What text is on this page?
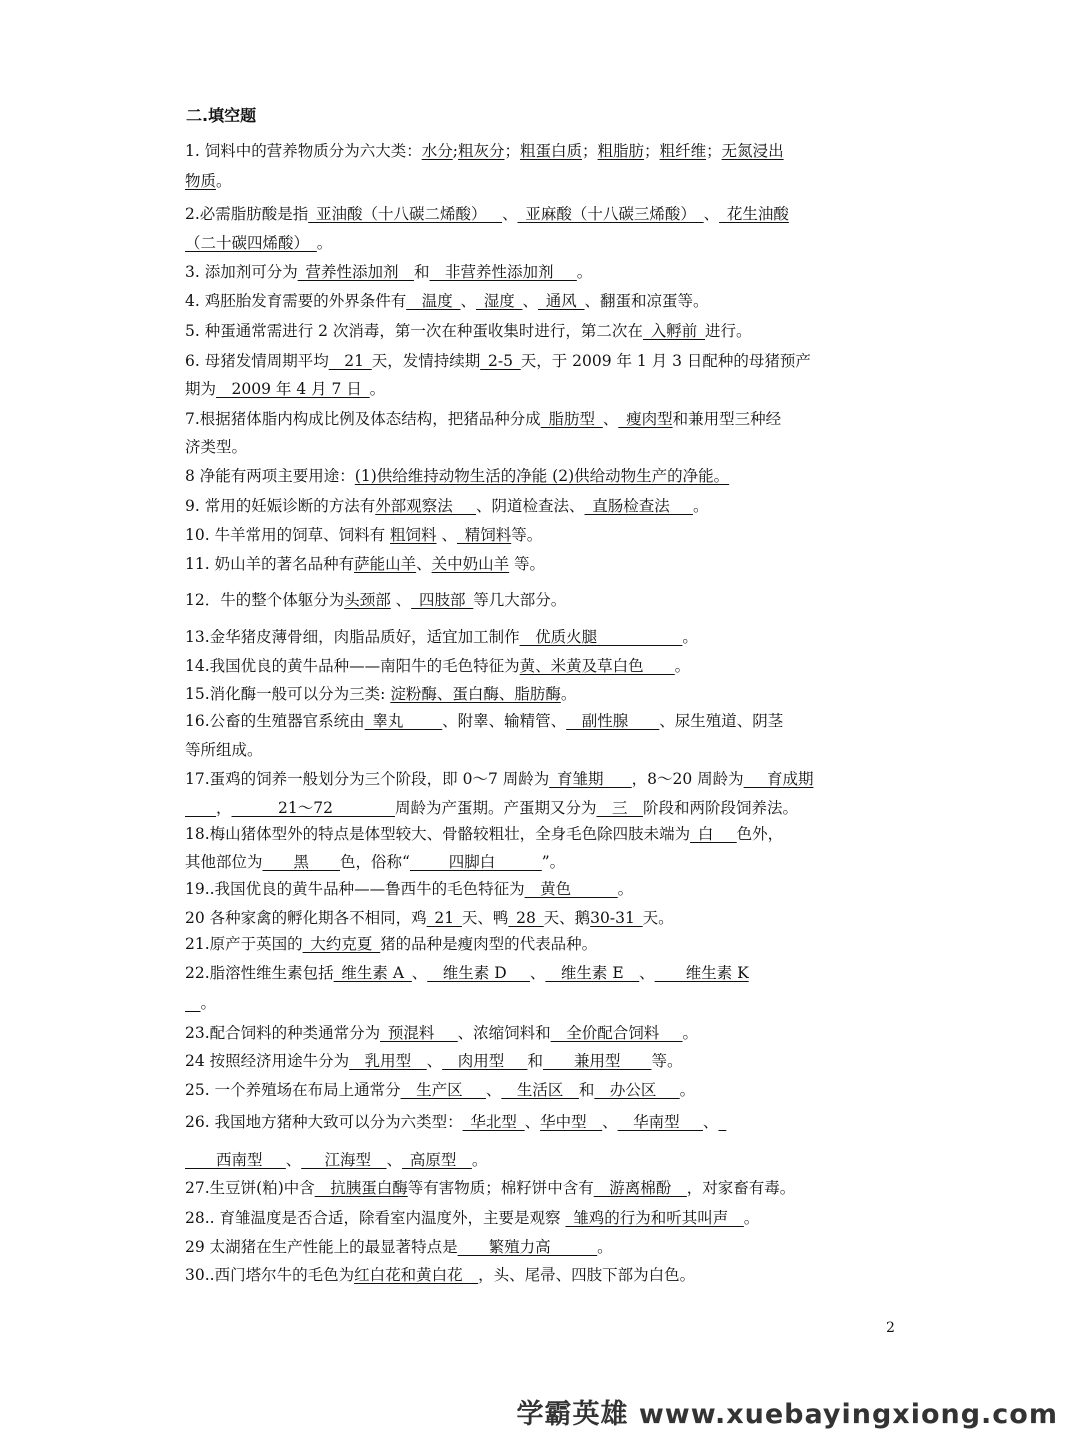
二.填空题
1. 饲料中的营养物质分为六大类：水分;粗灰分；粗蛋白质；粗脂肪；粗纤维；无氮浸出
物质。
2.必需脂肪酸是指_亚油酸（十八碳二烯酸）__、_亚麻酸（十八碳三烯酸）_、_花生油酸
（二十碳四烯酸）_。
3. 添加剂可分为_营养性添加剂__和__非营养性添加剂___。
4. 鸡胚胎发育需要的外界条件有__温度_、_湿度_、_通风_、翻蛋和凉蛋等。
5. 种蛋通常需进行 2 次消毒，第一次在种蛋收集时进行，第二次在_入孵前_进行。
6. 母猪发情周期平均__21_天，发情持续期_2-5_天，于 2009 年 1 月 3 日配种的母猪预产
期为__2009 年 4 月 7 日_。
7.根据猪体脂内构成比例及体态结构，把猪品种分成_脂肪型_、_瘦肉型和兼用型三种经
济类型。
8 净能有两项主要用途：(1)供给维持动物生活的净能 (2)供给动物生产的净能。
9. 常用的妊娠诊断的方法有外部观察法___、阴道检查法、_直肠检查法___。
10. 牛羊常用的饲草、饲料有 粗饲料 、_精饲料等。
11. 奶山羊的著名品种有萨能山羊、关中奶山羊 等。
12．牛的整个体躯分为头颈部 、_四肢部_等几大部分。
13.金华猪皮薄骨细，肉脂品质好，适宜加工制作__优质火腿___________。
14.我国优良的黄牛品种——南阳牛的毛色特征为黄、米黄及草白色____。
15.消化酶一般可以分为三类: 淀粉酶、蛋白酶、脂肪酶。
16.公畜的生殖器官系统由_睾丸_____、附睾、输精管、__副性腺____、尿生殖道、阴茎
等所组成。
17.蛋鸡的饲养一般划分为三个阶段，即 0～7 周龄为_育雏期 ___，8～20 周龄为___育成期
____，______21～72________周龄为产蛋期。产蛋期又分为__三__阶段和两阶段饲养法。
18.梅山猪体型外的特点是体型较大、骨骼较粗壮，全身毛色除四肢未端为_白___色外，
其他部位为____黑____色，俗称“_____四脚白______”。
19..我国优良的黄牛品种——鲁西牛的毛色特征为__黄色______。
20 各种家禽的孵化期各不相同，鸡_21_天、鸭_28_天、鹅30-31_天。
21.原产于英国的_大约克夏_猪的品种是瘦肉型的代表品种。
22.脂溶性维生素包括_维生素 A_、__维生素 D___、__维生素 E__、____维生素 K
__。
23.配合饲料的种类通常分为_预混料___、浓缩饲料和__全价配合饲料___。
24 按照经济用途牛分为__乳用型__、__肉用型___和____兼用型____等。
25. 一个养殖场在布局上通常分__生产区___、__生活区__和__办公区___。
26. 我国地方猪种大致可以分为六类型：_华北型_、华中型__、__华南型___、_
____西南型___、___江海型__、_高原型__。
27.生豆饼(粕)中含__抗胰蛋白酶等有害物质；棉籽饼中含有__游离棉酚__，对家畜有毒。
28.. 育雏温度是否合适，除看室内温度外，主要是观察 _雏鸡的行为和听其叫声__。
29 太湖猪在生产性能上的最显著特点是____繁殖力高______。
30..西门塔尔牛的毛色为红白花和黄白花__，头、尾帚、四肢下部为白色。
2
学霸英雄 www.xuebayingxiong.com
